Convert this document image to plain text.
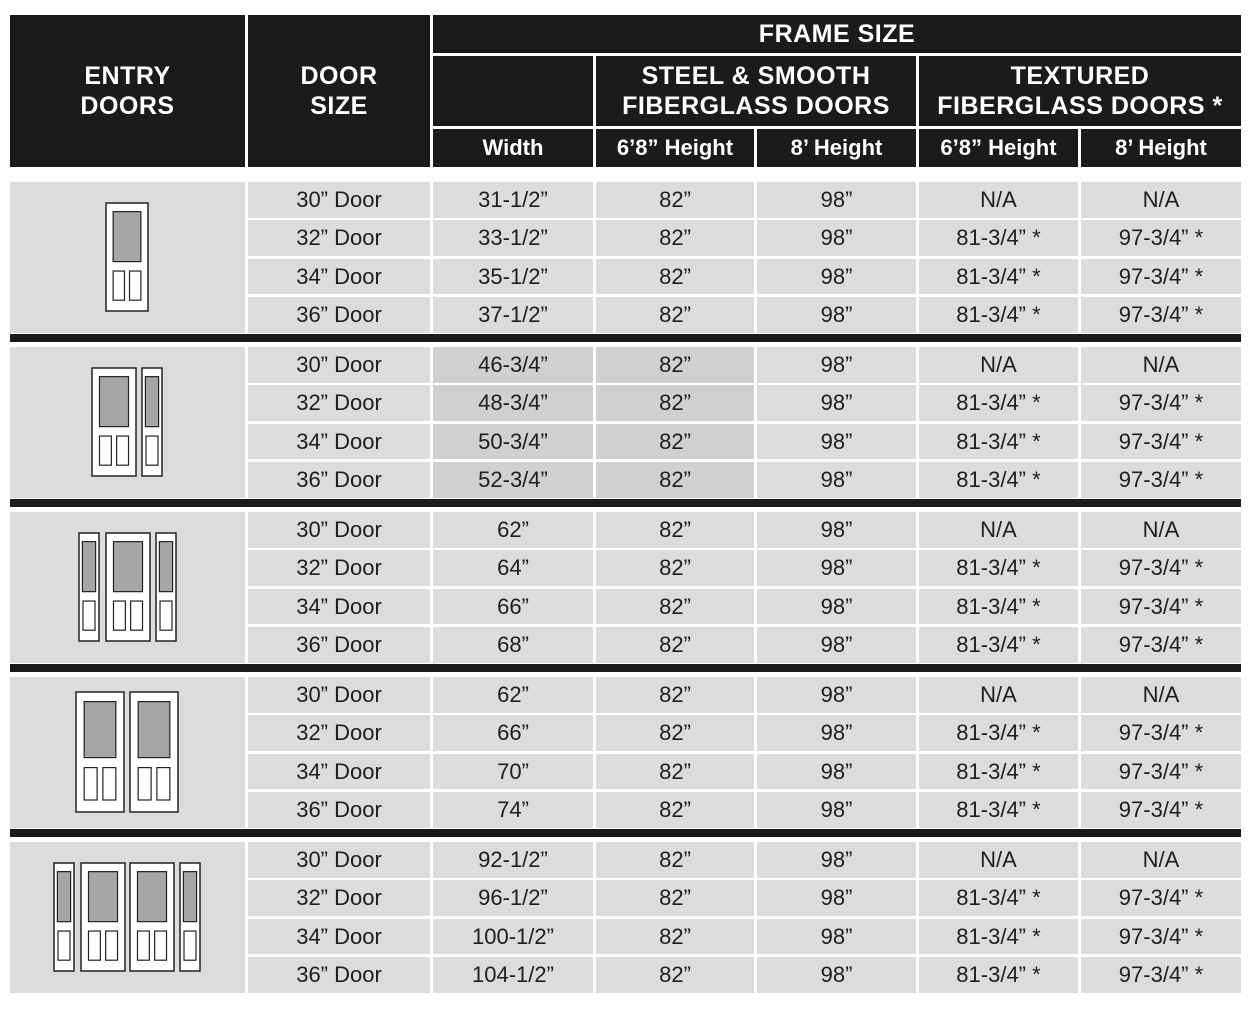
ENTRY
DOORS
DOOR
SIZE
FRAME SIZE
STEEL & SMOOTH
FIBERGLASS DOORS
TEXTURED
FIBERGLASS DOORS *
Width	6’8” Height	8’ Height	6’8” Height	8’ Height
30” Door	31-1/2”	82”	98”	N/A	N/A
32” Door	33-1/2”	82”	98”	81-3/4” *	97-3/4” *
34” Door	35-1/2”	82”	98”	81-3/4” *	97-3/4” *
36” Door	37-1/2”	82”	98”	81-3/4” *	97-3/4” *
30” Door	46-3/4”	82”	98”	N/A	N/A
32” Door	48-3/4”	82”	98”	81-3/4” *	97-3/4” *
34” Door	50-3/4”	82”	98”	81-3/4” *	97-3/4” *
36” Door	52-3/4”	82”	98”	81-3/4” *	97-3/4” *
30” Door	62”	82”	98”	N/A	N/A
32” Door	64”	82”	98”	81-3/4” *	97-3/4” *
34” Door	66”	82”	98”	81-3/4” *	97-3/4” *
36” Door	68”	82”	98”	81-3/4” *	97-3/4” *
30” Door	62”	82”	98”	N/A	N/A
32” Door	66”	82”	98”	81-3/4” *	97-3/4” *
34” Door	70”	82”	98”	81-3/4” *	97-3/4” *
36” Door	74”	82”	98”	81-3/4” *	97-3/4” *
30” Door	92-1/2”	82”	98”	N/A	N/A
32” Door	96-1/2”	82”	98”	81-3/4” *	97-3/4” *
34” Door	100-1/2”	82”	98”	81-3/4” *	97-3/4” *
36” Door	104-1/2”	82”	98”	81-3/4” *	97-3/4” *
